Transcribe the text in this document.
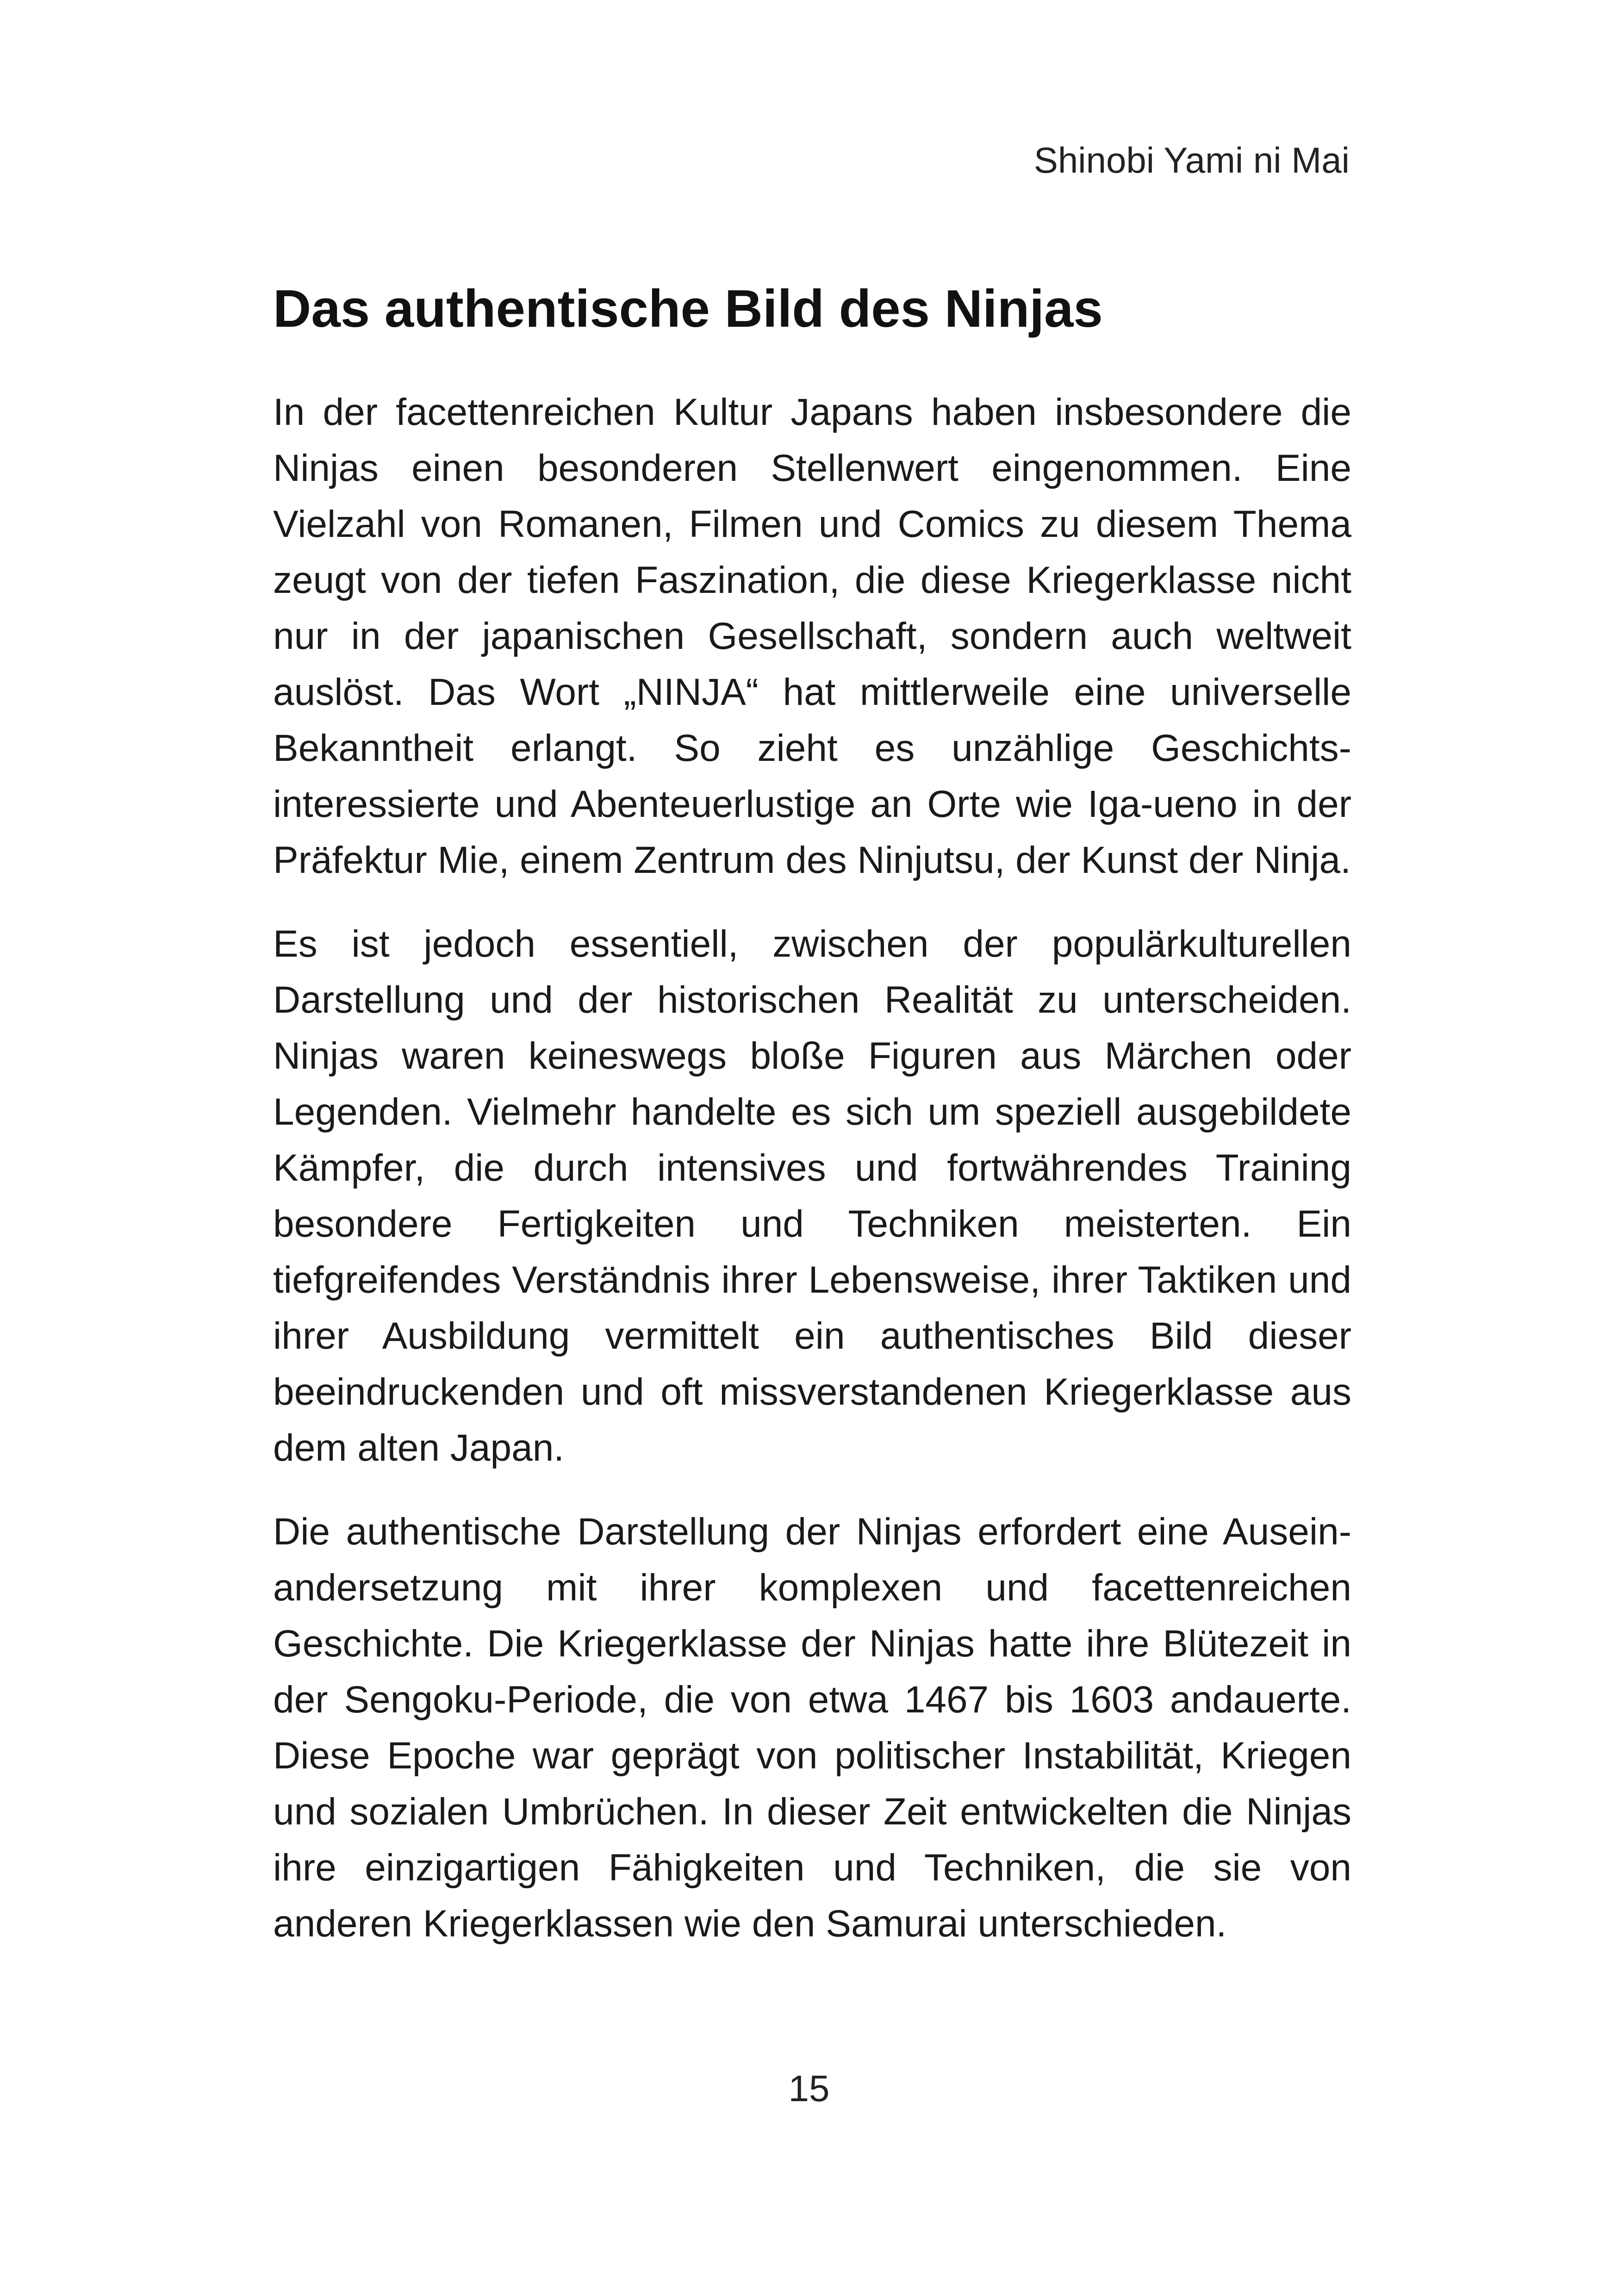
Shinobi Yami ni Mai
Das authentische Bild des Ninjas

In der facettenreichen Kultur Japans haben insbesondere die Ninjas einen besonderen Stellenwert eingenommen. Eine Vielzahl von Romanen, Filmen und Comics zu diesem Thema zeugt von der tiefen Faszination, die diese Kriegerklasse nicht nur in der japanischen Gesellschaft, sondern auch weltweit auslöst. Das Wort „NINJA“ hat mittlerweile eine universelle Bekanntheit erlangt. So zieht es unzählige Geschichtsinteressierte und Abenteuerlustige an Orte wie Iga-ueno in der Präfektur Mie, einem Zentrum des Ninjutsu, der Kunst der Ninja.

Es ist jedoch essentiell, zwischen der populärkulturellen Darstellung und der historischen Realität zu unterscheiden. Ninjas waren keineswegs bloße Figuren aus Märchen oder Legenden. Vielmehr handelte es sich um speziell ausgebildete Kämpfer, die durch intensives und fortwährendes Training besondere Fertigkeiten und Techniken meisterten. Ein tiefgreifendes Verständnis ihrer Lebensweise, ihrer Taktiken und ihrer Ausbildung vermittelt ein authentisches Bild dieser beeindruckenden und oft missverstandenen Kriegerklasse aus dem alten Japan.

Die authentische Darstellung der Ninjas erfordert eine Auseinandersetzung mit ihrer komplexen und facettenreichen Geschichte. Die Kriegerklasse der Ninjas hatte ihre Blütezeit in der Sengoku-Periode, die von etwa 1467 bis 1603 andauerte. Diese Epoche war geprägt von politischer Instabilität, Kriegen und sozialen Umbrüchen. In dieser Zeit entwickelten die Ninjas ihre einzigartigen Fähigkeiten und Techniken, die sie von anderen Kriegerklassen wie den Samurai unterschieden.

15
